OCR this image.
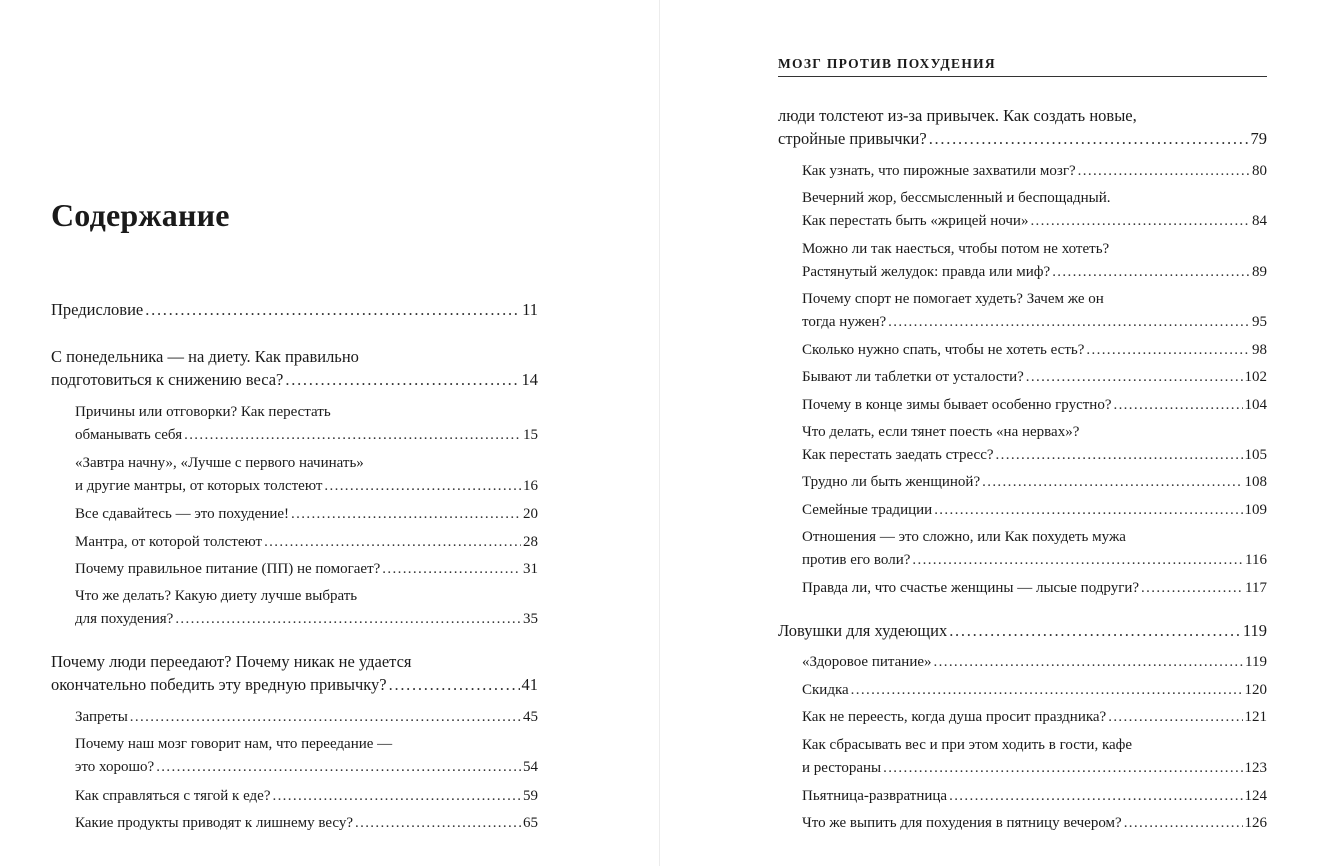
Содержание
Предисловие . . .	11
С понедельника — на диету. Как правильно
подготовиться к снижению веса? . . .	14
Причины или отговорки? Как перестать
обманывать себя . . .	15
«Завтра начну», «Лучше с первого начинать»
и другие мантры, от которых толстеют . . .	16
Все сдавайтесь — это похудение! . . .	20
Мантра, от которой толстеют . . .	28
Почему правильное питание (ПП) не помогает? . . .	31
Что же делать? Какую диету лучше выбрать
для похудения? . . .	35
Почему люди переедают? Почему никак не удается
окончательно победить эту вредную привычку? . . .	41
Запреты . . .	45
Почему наш мозг говорит нам, что переедание —
это хорошо? . . .	54
Как справляться с тягой к еде? . . .	59
Какие продукты приводят к лишнему весу? . . .	65
МОЗГ ПРОТИВ ПОХУДЕНИЯ
люди толстеют из-за привычек. Как создать новые,
стройные привычки? . . .	79
Как узнать, что пирожные захватили мозг? . . .	80
Вечерний жор, бессмысленный и беспощадный.
Как перестать быть «жрицей ночи» . . .	84
Можно ли так наесться, чтобы потом не хотеть?
Растянутый желудок: правда или миф? . . .	89
Почему спорт не помогает худеть? Зачем же он
тогда нужен? . . .	95
Сколько нужно спать, чтобы не хотеть есть? . . .	98
Бывают ли таблетки от усталости? . . .	102
Почему в конце зимы бывает особенно грустно? . . .	104
Что делать, если тянет поесть «на нервах»?
Как перестать заедать стресс? . . .	105
Трудно ли быть женщиной? . . .	108
Семейные традиции . . .	109
Отношения — это сложно, или Как похудеть мужа
против его воли? . . .	116
Правда ли, что счастье женщины — лысые подруги? . . .	117
Ловушки для худеющих . . .	119
«Здоровое питание» . . .	119
Скидка . . .	120
Как не переесть, когда душа просит праздника? . . .	121
Как сбрасывать вес и при этом ходить в гости, кафе
и рестораны . . .	123
Пьятница-развратница . . .	124
Что же выпить для похудения в пятницу вечером? . . .	126
